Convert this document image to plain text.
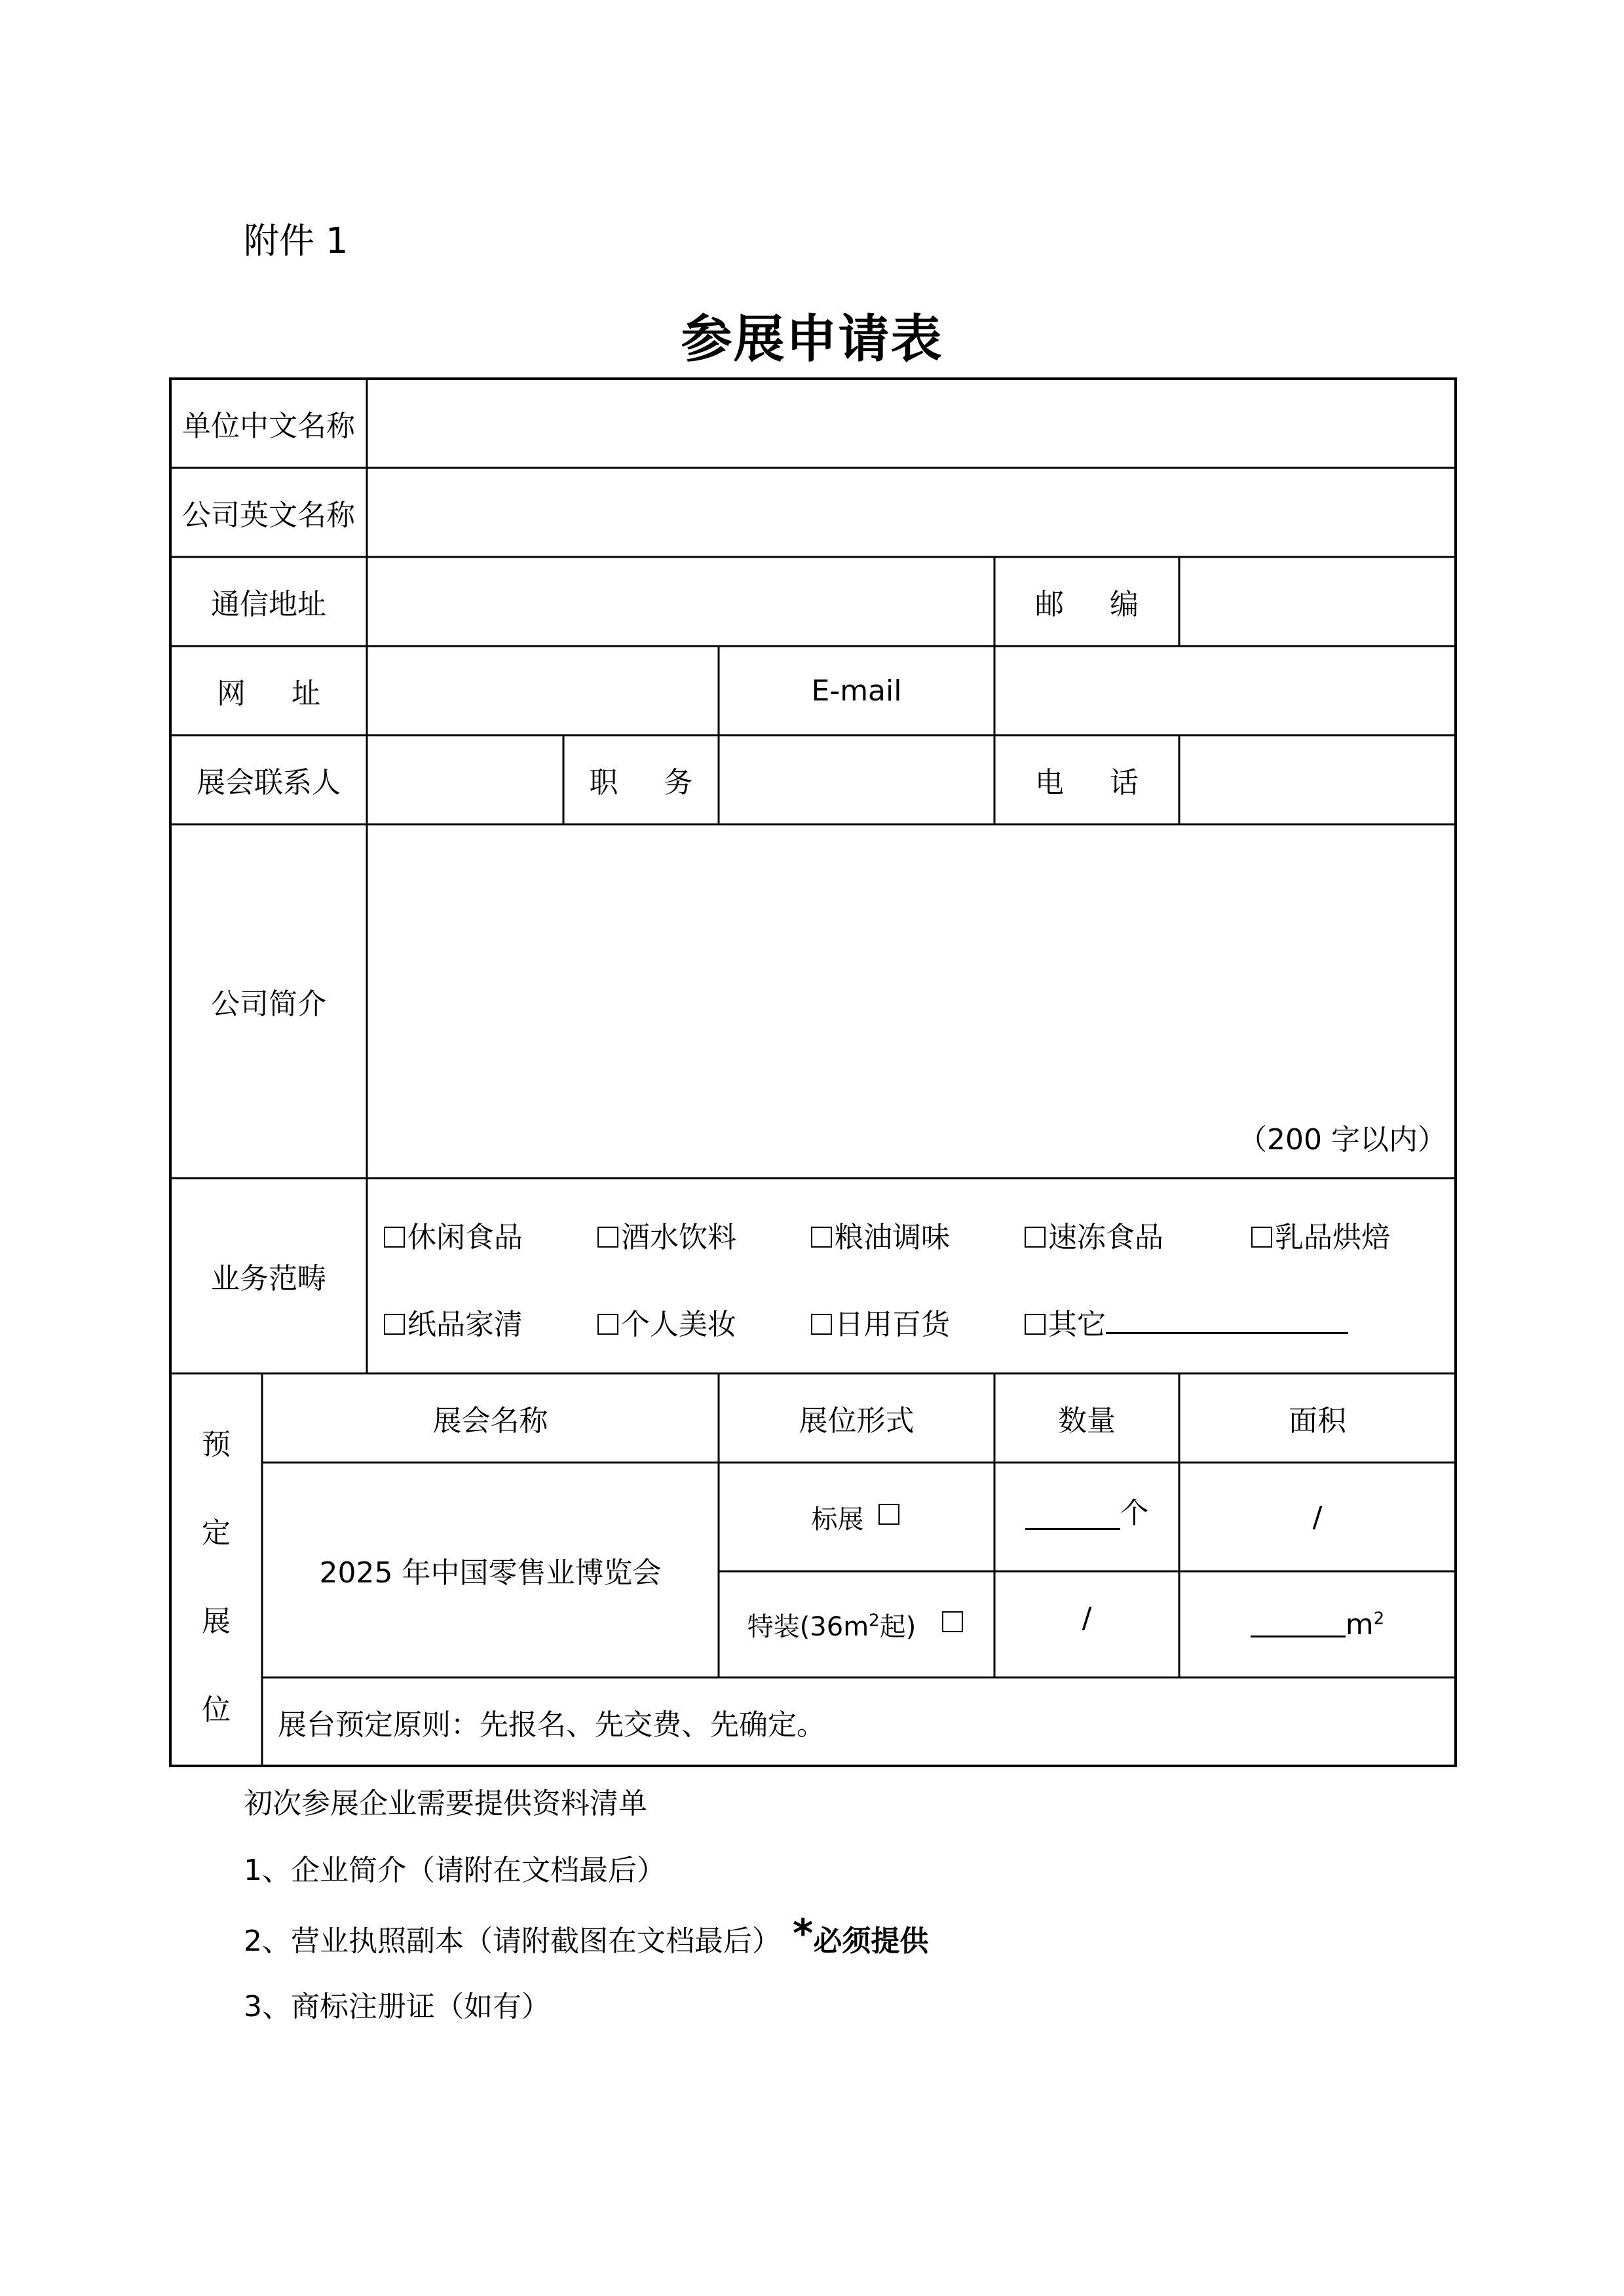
附件 1
参展申请表
单位中文名称
公司英文名称
通信地址	邮 编
网 址	E-mail
展会联系人	职 务	电 话
公司简介
（200 字以内）
业务范畴
休闲食品	酒水饮料	粮油调味	速冻食品	乳品烘焙
纸品家清	个人美妆	日用百货	其它
预
定
展
位
展会名称	展位形式	数量	面积
2025 年中国零售业博览会
标展	个	/
特装($36m^2$起)	/	$m^2$
展台预定原则：先报名、先交费、先确定。
初次参展企业需要提供资料清单
1、企业简介（请附在文档最后）
2、营业执照副本（请附截图在文档最后） *必须提供
3、商标注册证（如有）
